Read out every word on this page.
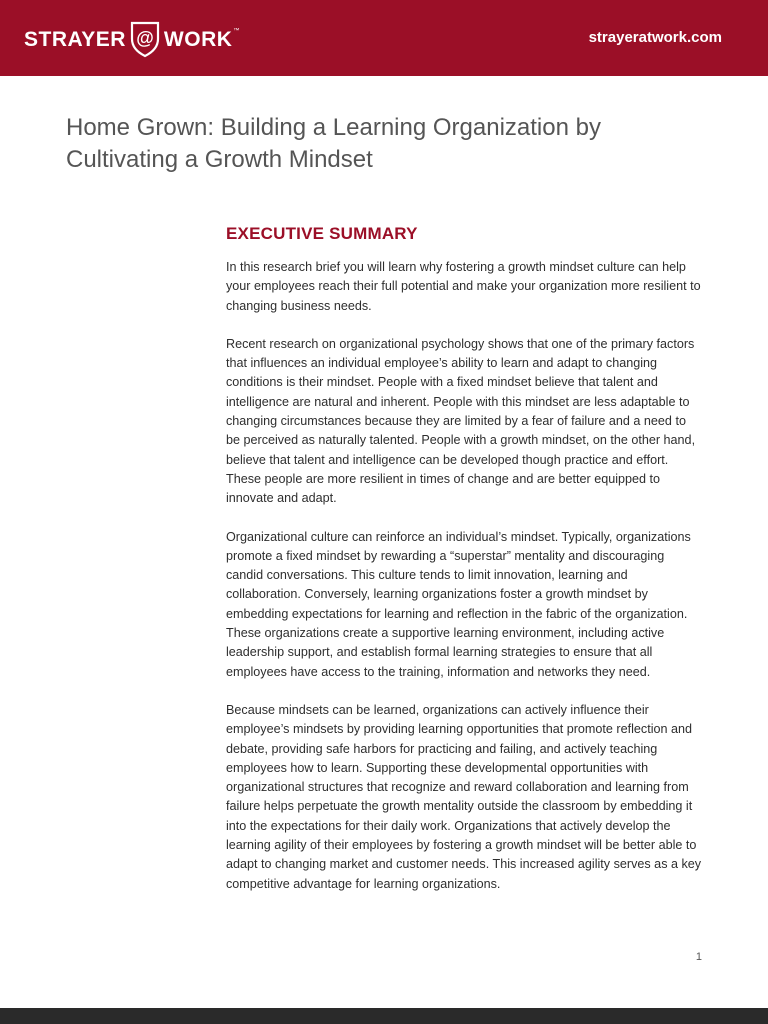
STRAYER @ WORK ™	strayeratwork.com
Home Grown: Building a Learning Organization by Cultivating a Growth Mindset
EXECUTIVE SUMMARY

In this research brief you will learn why fostering a growth mindset culture can help your employees reach their full potential and make your organization more resilient to changing business needs.

Recent research on organizational psychology shows that one of the primary factors that influences an individual employee’s ability to learn and adapt to changing conditions is their mindset. People with a fixed mindset believe that talent and intelligence are natural and inherent. People with this mindset are less adaptable to changing circumstances because they are limited by a fear of failure and a need to be perceived as naturally talented. People with a growth mindset, on the other hand, believe that talent and intelligence can be developed though practice and effort. These people are more resilient in times of change and are better equipped to innovate and adapt.

Organizational culture can reinforce an individual’s mindset. Typically, organizations promote a fixed mindset by rewarding a “superstar” mentality and discouraging candid conversations. This culture tends to limit innovation, learning and collaboration. Conversely, learning organizations foster a growth mindset by embedding expectations for learning and reflection in the fabric of the organization. These organizations create a supportive learning environment, including active leadership support, and establish formal learning strategies to ensure that all employees have access to the training, information and networks they need.

Because mindsets can be learned, organizations can actively influence their employee’s mindsets by providing learning opportunities that promote reflection and debate, providing safe harbors for practicing and failing, and actively teaching employees how to learn. Supporting these developmental opportunities with organizational structures that recognize and reward collaboration and learning from failure helps perpetuate the growth mentality outside the classroom by embedding it into the expectations for their daily work. Organizations that actively develop the learning agility of their employees by fostering a growth mindset will be better able to adapt to changing market and customer needs. This increased agility serves as a key competitive advantage for learning organizations.

1
